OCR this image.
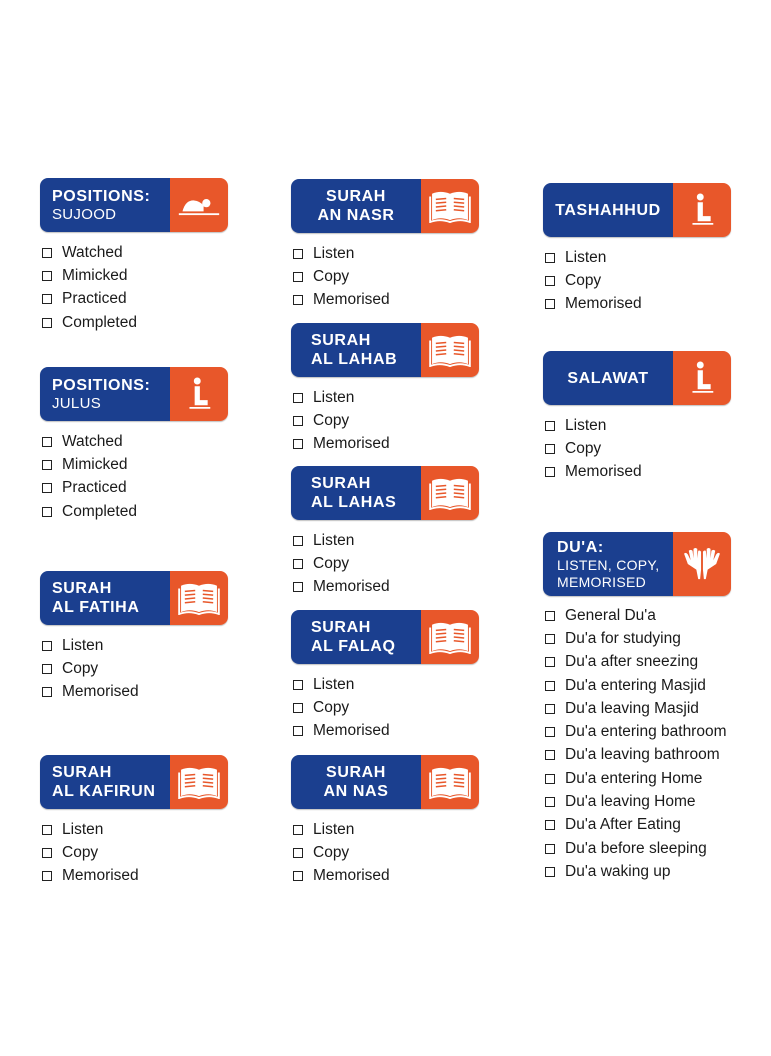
POSITIONS:
SUJOOD
Watched
Mimicked
Practiced
Completed
POSITIONS:
JULUS
Watched
Mimicked
Practiced
Completed
SURAH
AL FATIHA
Listen
Copy
Memorised
SURAH
AL KAFIRUN
Listen
Copy
Memorised
SURAH
AN NASR
Listen
Copy
Memorised
SURAH
AL LAHAB
Listen
Copy
Memorised
SURAH
AL LAHAS
Listen
Copy
Memorised
SURAH
AL FALAQ
Listen
Copy
Memorised
SURAH
AN NAS
Listen
Copy
Memorised
TASHAHHUD
Listen
Copy
Memorised
SALAWAT
Listen
Copy
Memorised
DU'A:
LISTEN, COPY,
MEMORISED
General Du'a
Du'a for studying
Du'a after sneezing
Du'a entering Masjid
Du'a leaving Masjid
Du'a entering bathroom
Du'a leaving bathroom
Du'a entering Home
Du'a leaving Home
Du'a After Eating
Du'a before sleeping
Du'a waking up
